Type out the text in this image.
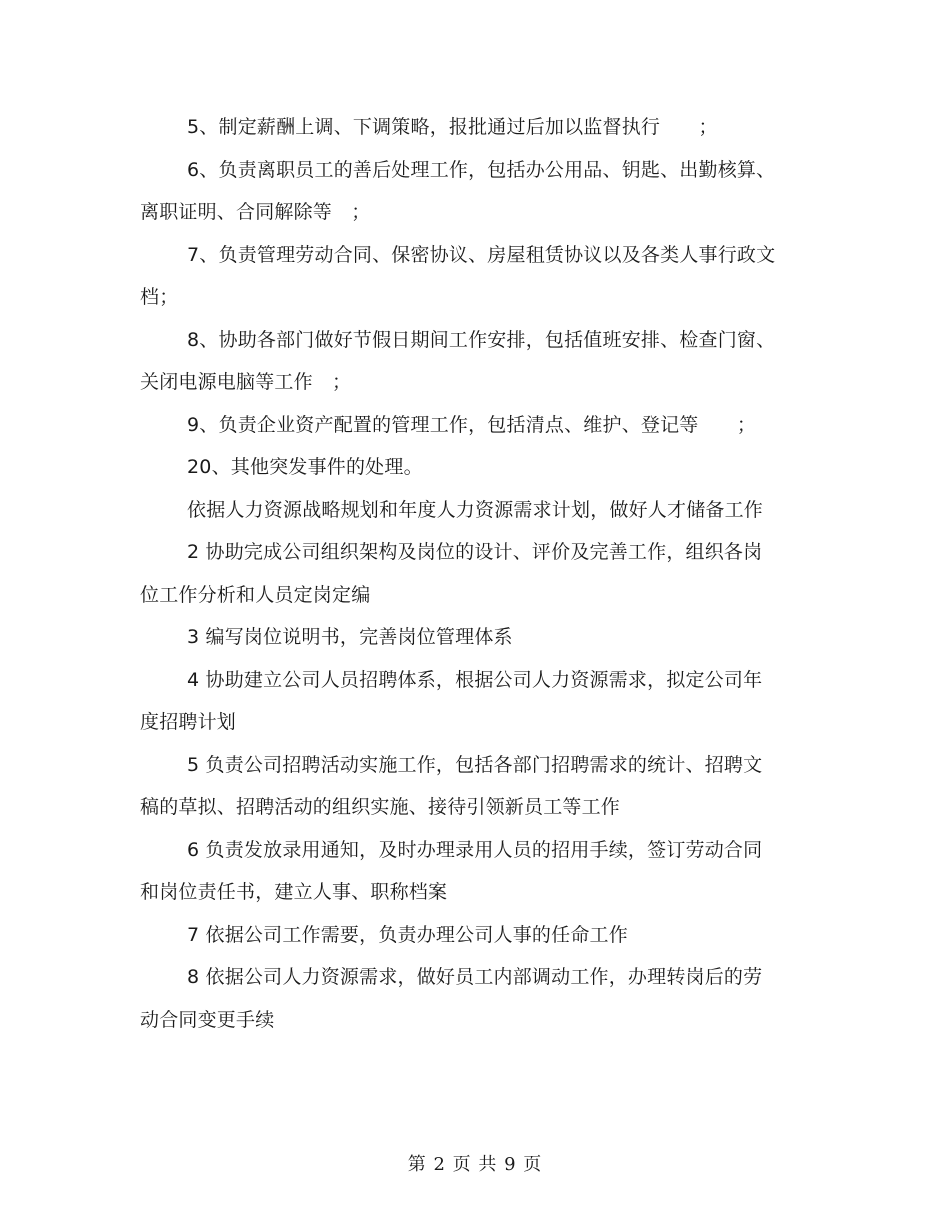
5、制定薪酬上调、下调策略，报批通过后加以监督执行　　；

6、负责离职员工的善后处理工作，包括办公用品、钥匙、出勤核算、离职证明、合同解除等　；

7、负责管理劳动合同、保密协议、房屋租赁协议以及各类人事行政文档；

8、协助各部门做好节假日期间工作安排，包括值班安排、检查门窗、关闭电源电脑等工作　；

9、负责企业资产配置的管理工作，包括清点、维护、登记等　　；

20、其他突发事件的处理。

依据人力资源战略规划和年度人力资源需求计划，做好人才储备工作

2 协助完成公司组织架构及岗位的设计、评价及完善工作，组织各岗位工作分析和人员定岗定编

3 编写岗位说明书，完善岗位管理体系

4 协助建立公司人员招聘体系，根据公司人力资源需求，拟定公司年度招聘计划

5 负责公司招聘活动实施工作，包括各部门招聘需求的统计、招聘文稿的草拟、招聘活动的组织实施、接待引领新员工等工作

6 负责发放录用通知，及时办理录用人员的招用手续，签订劳动合同和岗位责任书，建立人事、职称档案

7 依据公司工作需要，负责办理公司人事的任命工作

8 依据公司人力资源需求，做好员工内部调动工作，办理转岗后的劳动合同变更手续

第 2 页 共 9 页
